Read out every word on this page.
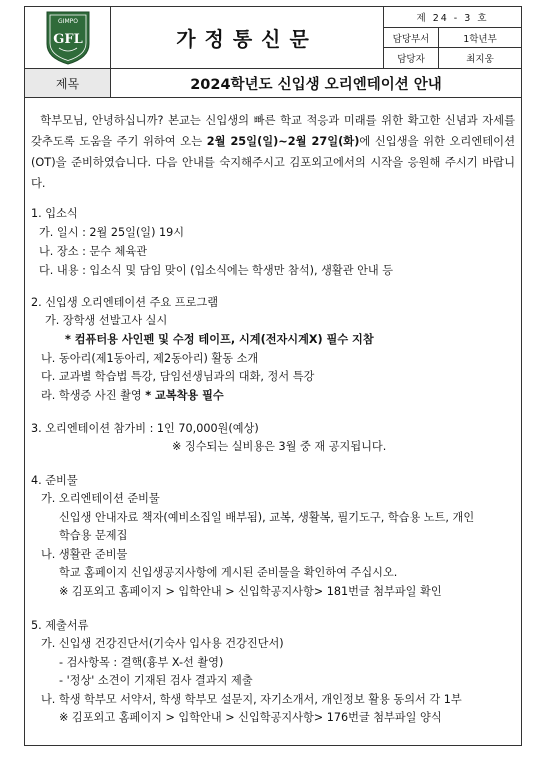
GIMPO
GFL	가정통신문
제 24 - 3 호
담당부서	1학년부
담당자	최지웅
제목	2024학년도 신입생 오리엔테이션 안내

학부모님, 안녕하십니까? 본교는 신입생의 빠른 학교 적응과 미래를 위한 확고한 신념과 자세를 갖추도록 도움을 주기 위하여 오는 2월 25일(일)~2월 27일(화)에 신입생을 위한 오리엔테이션(OT)을 준비하였습니다. 다음 안내를 숙지해주시고 김포외고에서의 시작을 응원해 주시기 바랍니다.

1. 입소식
가. 일시 : 2월 25일(일) 19시
나. 장소 : 문수 체육관
다. 내용 : 입소식 및 담임 맞이 (입소식에는 학생만 참석), 생활관 안내 등
2. 신입생 오리엔테이션 주요 프로그램
가. 장학생 선발고사 실시
* 컴퓨터용 사인펜 및 수정 테이프, 시계(전자시계X) 필수 지참
나. 동아리(제1동아리, 제2동아리) 활동 소개
다. 교과별 학습법 특강, 담임선생님과의 대화, 정서 특강
라. 학생증 사진 촬영 * 교복착용 필수
3. 오리엔테이션 참가비 : 1인 70,000원(예상)
※ 징수되는 실비용은 3월 중 재 공지됩니다.
4. 준비물
가. 오리엔테이션 준비물
신입생 안내자료 책자(예비소집일 배부됨), 교복, 생활복, 필기도구, 학습용 노트, 개인
학습용 문제집
나. 생활관 준비물
학교 홈페이지 신입생공지사항에 게시된 준비물을 확인하여 주십시오.
※ 김포외고 홈페이지 > 입학안내 > 신입학공지사항> 181번글 첨부파일 확인
5. 제출서류
가. 신입생 건강진단서(기숙사 입사용 건강진단서)
- 검사항목 : 결핵(흉부 X-선 촬영)
- '정상' 소견이 기재된 검사 결과지 제출
나. 학생 학부모 서약서, 학생 학부모 설문지, 자기소개서, 개인정보 활용 동의서 각 1부
※ 김포외고 홈페이지 > 입학안내 > 신입학공지사항> 176번글 첨부파일 양식
